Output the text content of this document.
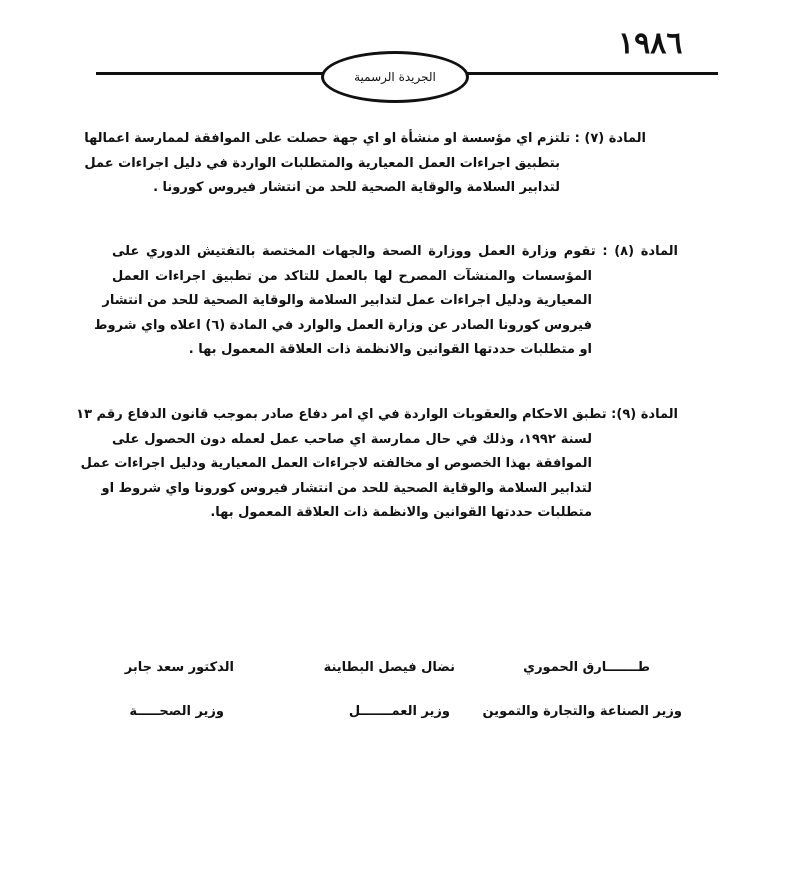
١٩٨٦
الجريدة الرسمية
المادة (٧) : تلتزم اي مؤسسة او منشأة او اي جهة حصلت على الموافقة لممارسة اعمالها
بتطبيق اجراءات العمل المعيارية والمتطلبات الواردة في دليل اجراءات عمل
لتدابير السلامة والوقاية الصحية للحد من انتشار فيروس كورونا .
المادة (٨) : تقوم وزارة العمل ووزارة الصحة والجهات المختصة بالتفتيش الدوري على
المؤسسات والمنشآت المصرح لها بالعمل للتاكد من تطبيق اجراءات العمل
المعيارية ودليل اجراءات عمل لتدابير السلامة والوقاية الصحية للحد من انتشار
فيروس كورونا الصادر عن وزارة العمل والوارد في المادة (٦) اعلاه واي شروط
او متطلبات حددتها القوانين والانظمة ذات العلاقة المعمول بها .
المادة (٩): تطبق الاحكام والعقوبات الواردة في اي امر دفاع صادر بموجب قانون الدفاع رقم ١٣
لسنة ١٩٩٢، وذلك في حال ممارسة اي صاحب عمل لعمله دون الحصول على
الموافقة بهذا الخصوص او مخالفته لاجراءات العمل المعيارية ودليل اجراءات عمل
لتدابير السلامة والوقاية الصحية للحد من انتشار فيروس كورونا واي شروط او
متطلبات حددتها القوانين والانظمة ذات العلاقة المعمول بها.
طـــــــارق الحموري
وزير الصناعة والتجارة والتموين
نضال فيصل البطاينة
وزير العمـــــــل
الدكتور سعد جابر
وزير الصحـــــة
